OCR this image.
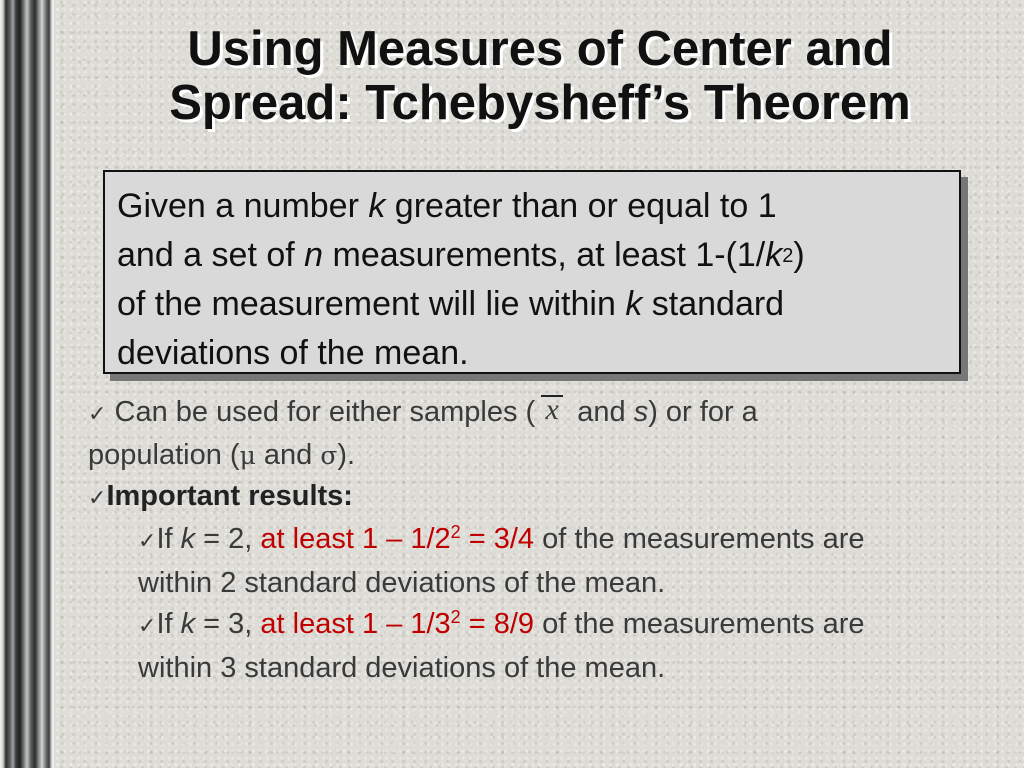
Using Measures of Center and
Spread: Tchebysheff’s Theorem
Given a number k greater than or equal to 1
and a set of n measurements, at least $1-(1/k^2)$
of the measurement will lie within k standard
deviations of the mean.
✓ Can be used for either samples ( x and s) or for a
population (μ and σ).
✓Important results:
✓If k = 2, at least $1 - 1/2^2 = 3/4$ of the measurements are
within 2 standard deviations of the mean.
✓If k = 3, at least $1 - 1/3^2 = 8/9$ of the measurements are
within 3 standard deviations of the mean.
